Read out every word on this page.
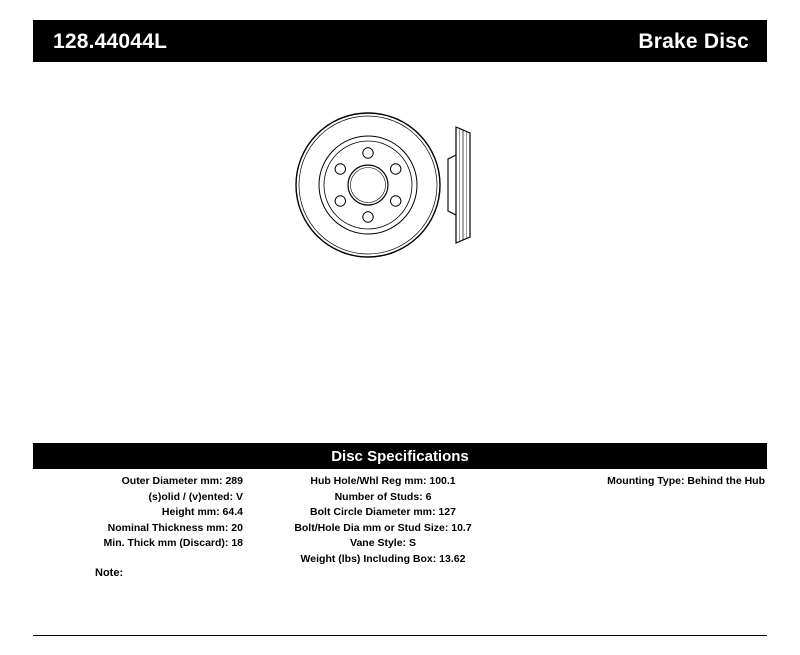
128.44044L	Brake Disc
Disc Specifications
Outer Diameter mm: 289
(s)olid / (v)ented: V
Height mm: 64.4
Nominal Thickness mm: 20
Min. Thick mm (Discard): 18
Hub Hole/Whl Reg mm: 100.1
Number of Studs: 6
Bolt Circle Diameter mm: 127
Bolt/Hole Dia mm or Stud Size: 10.7
Vane Style: S
Weight (lbs) Including Box: 13.62
Mounting Type: Behind the Hub
Note:
